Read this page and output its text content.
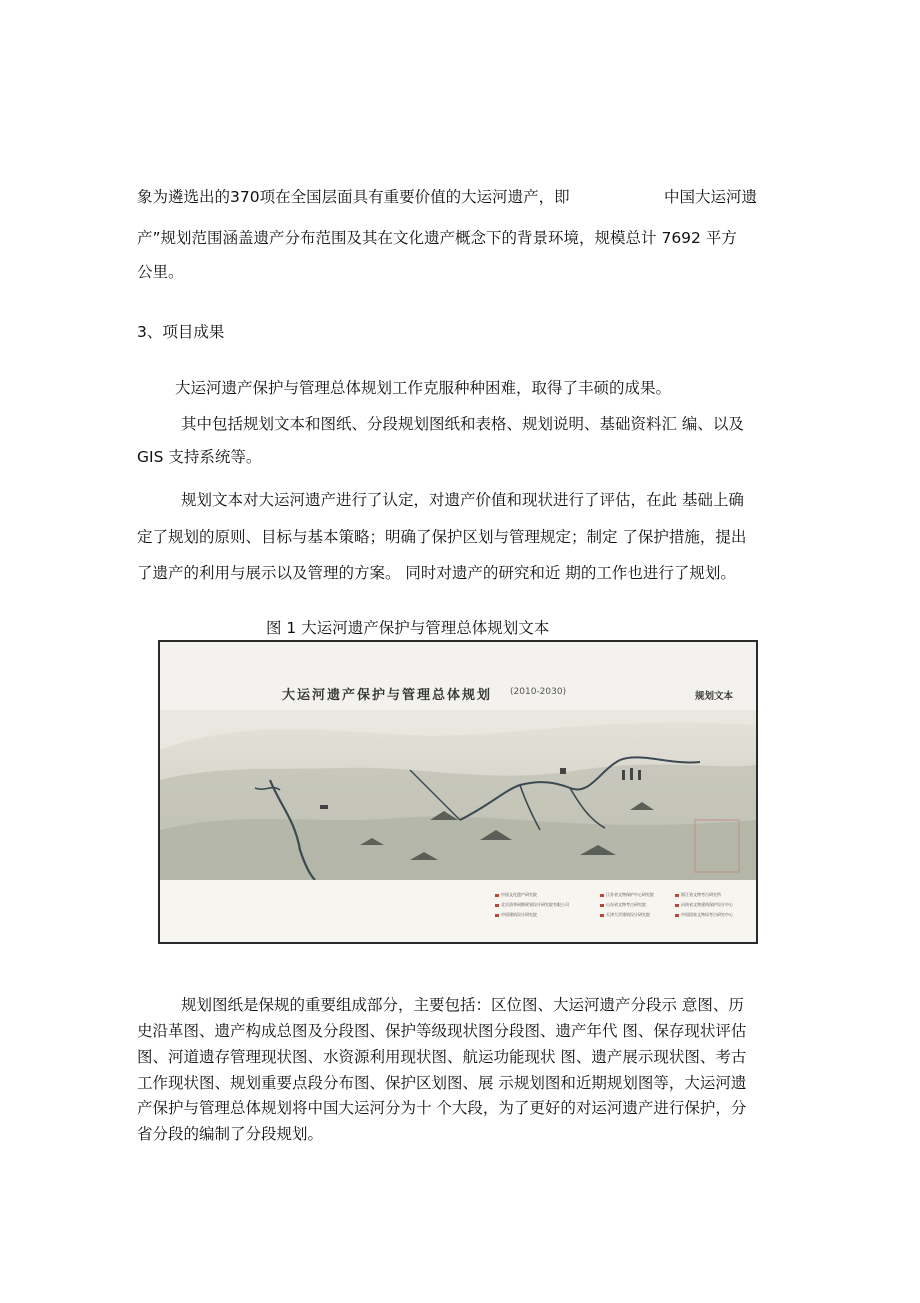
象为遴选出的370项在全国层面具有重要价值的大运河遗产，即	中国大运河遗
产”规划范围涵盖遗产分布范围及其在文化遗产概念下的背景环境，规模总计 7692 平方
公里。
3、项目成果
大运河遗产保护与管理总体规划工作克服种种困难，取得了丰硕的成果。
其中包括规划文本和图纸、分段规划图纸和表格、规划说明、基础资料汇 编、以及
GIS 支持系统等。
规划文本对大运河遗产进行了认定，对遗产价值和现状进行了评估，在此 基础上确
定了规划的原则、目标与基本策略；明确了保护区划与管理规定；制定 了保护措施，提出
了遗产的利用与展示以及管理的方案。 同时对遗产的研究和近 期的工作也进行了规划。
图 1 大运河遗产保护与管理总体规划文本
大运河遗产保护与管理总体规划 (2010-2030)	规划文本
中国文化遗产研究院	江苏省文物保护中心研究院	浙江省文物考古研究所
北京清华同衡规划设计研究院有限公司	山东省文物考古研究院	河南省文物建筑保护设计中心
中国建筑设计研究院	天津大学建筑设计研究院	中国国家文物局考古研究中心
规划图纸是保规的重要组成部分，主要包括：区位图、大运河遗产分段示 意图、历
史沿革图、遗产构成总图及分段图、保护等级现状图分段图、遗产年代 图、保存现状评估
图、河道遗存管理现状图、水资源利用现状图、航运功能现状 图、遗产展示现状图、考古
工作现状图、规划重要点段分布图、保护区划图、展 示规划图和近期规划图等，大运河遗
产保护与管理总体规划将中国大运河分为十 个大段，为了更好的对运河遗产进行保护，分
省分段的编制了分段规划。
